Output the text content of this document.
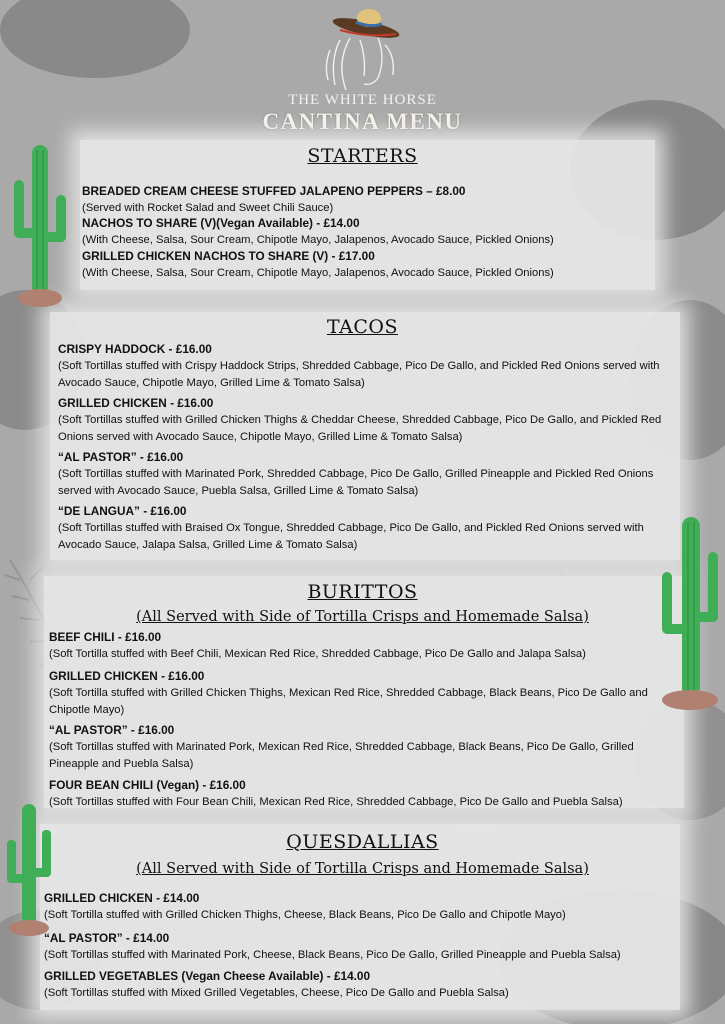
THE WHITE HORSE
CANTINA MENU
STARTERS
BREADED CREAM CHEESE STUFFED JALAPENO PEPPERS – £8.00
(Served with Rocket Salad and Sweet Chili Sauce)
NACHOS TO SHARE (V)(Vegan Available) - £14.00
(With Cheese, Salsa, Sour Cream, Chipotle Mayo, Jalapenos, Avocado Sauce, Pickled Onions)
GRILLED CHICKEN NACHOS TO SHARE (V) - £17.00
(With Cheese, Salsa, Sour Cream, Chipotle Mayo, Jalapenos, Avocado Sauce, Pickled Onions)
TACOS
CRISPY HADDOCK - £16.00
(Soft Tortillas stuffed with Crispy Haddock Strips, Shredded Cabbage, Pico De Gallo, and Pickled Red Onions served with Avocado Sauce, Chipotle Mayo, Grilled Lime & Tomato Salsa)
GRILLED CHICKEN - £16.00
(Soft Tortillas stuffed with Grilled Chicken Thighs & Cheddar Cheese, Shredded Cabbage, Pico De Gallo, and Pickled Red Onions served with Avocado Sauce, Chipotle Mayo, Grilled Lime & Tomato Salsa)
“AL PASTOR” - £16.00
(Soft Tortillas stuffed with Marinated Pork, Shredded Cabbage, Pico De Gallo, Grilled Pineapple and Pickled Red Onions served with Avocado Sauce, Puebla Salsa, Grilled Lime & Tomato Salsa)
“DE LANGUA” - £16.00
(Soft Tortillas stuffed with Braised Ox Tongue, Shredded Cabbage, Pico De Gallo, and Pickled Red Onions served with Avocado Sauce, Jalapa Salsa, Grilled Lime & Tomato Salsa)
BURITTOS
(All Served with Side of Tortilla Crisps and Homemade Salsa)
BEEF CHILI - £16.00
(Soft Tortilla stuffed with Beef Chili, Mexican Red Rice, Shredded Cabbage, Pico De Gallo and Jalapa Salsa)
GRILLED CHICKEN - £16.00
(Soft Tortilla stuffed with Grilled Chicken Thighs, Mexican Red Rice, Shredded Cabbage, Black Beans, Pico De Gallo and Chipotle Mayo)
“AL PASTOR” - £16.00
(Soft Tortillas stuffed with Marinated Pork, Mexican Red Rice, Shredded Cabbage, Black Beans, Pico De Gallo, Grilled Pineapple and Puebla Salsa)
FOUR BEAN CHILI (Vegan) - £16.00
(Soft Tortillas stuffed with Four Bean Chili, Mexican Red Rice, Shredded Cabbage, Pico De Gallo and Puebla Salsa)
QUESDALLIAS
(All Served with Side of Tortilla Crisps and Homemade Salsa)
GRILLED CHICKEN - £14.00
(Soft Tortilla stuffed with Grilled Chicken Thighs, Cheese, Black Beans, Pico De Gallo and Chipotle Mayo)
“AL PASTOR” - £14.00
(Soft Tortillas stuffed with Marinated Pork, Cheese, Black Beans, Pico De Gallo, Grilled Pineapple and Puebla Salsa)
GRILLED VEGETABLES (Vegan Cheese Available) - £14.00
(Soft Tortillas stuffed with Mixed Grilled Vegetables, Cheese, Pico De Gallo and Puebla Salsa)
